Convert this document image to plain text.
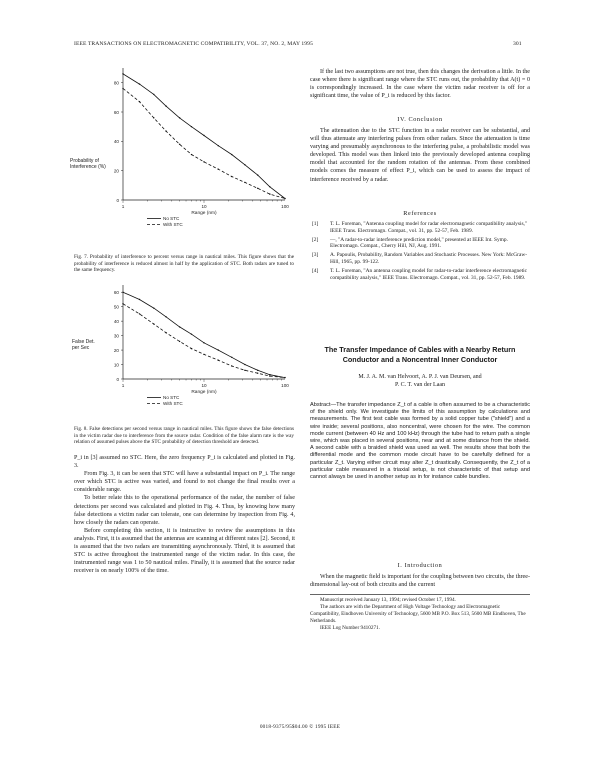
IEEE TRANSACTIONS ON ELECTROMAGNETIC COMPATIBILITY, VOL. 37, NO. 2, MAY 1995	301
80
60
40
20
0
1	10	100
Range (nm)
No STC
With STC
Probability of
Interference (%)
Fig. 7. Probability of interference to percent versus range in nautical miles. This figure shows that the probability of interference is reduced almost in half by the application of STC. Both radars are tuned to the same frequency.
60
50
40
30
20
10
0
1	10	100
Range (nm)
No STC
With STC
False Det.
per Sec
Fig. 8. False detections per second versus range in nautical miles. This figure shows the false detections in the victim radar due to interference from the source radar. Condition of the false alarm rate is the way relation of assumed pulses above the STC probability of detection threshold are detected.

P_i in [3] assumed no STC. Here, the zero frequency P_i is calculated and plotted in Fig. 3.

From Fig. 3, it can be seen that STC will have a substantial impact on P_i. The range over which STC is active was varied, and found to not change the final results over a considerable range.

To better relate this to the operational performance of the radar, the number of false detections per second was calculated and plotted in Fig. 4. Thus, by knowing how many false detections a victim radar can tolerate, one can determine by inspection from Fig. 4, how closely the radars can operate.

Before completing this section, it is instructive to review the assumptions in this analysis. First, it is assumed that the antennas are scanning at different rates [2]. Second, it is assumed that the two radars are transmitting asynchronously. Third, it is assumed that STC is active throughout the instrumented range of the victim radar. In this case, the instrumented range was 1 to 50 nautical miles. Finally, it is assumed that the source radar receiver is on nearly 100% of the time.

If the last two assumptions are not true, then this changes the derivation a little. In the case where there is significant range where the STC runs out, the probability that A(t) = 0 is correspondingly increased. In the case where the victim radar receiver is off for a significant time, the value of P_i is reduced by this factor.

IV. Conclusion

The attenuation due to the STC function in a radar receiver can be substantial, and will thus attenuate any interfering pulses from other radars. Since the attenuation is time varying and presumably asynchronous to the interfering pulse, a probabilistic model was developed. This model was then linked into the previously developed antenna coupling model that accounted for the random rotation of the antennas. From these combined models comes the measure of effect P_i, which can be used to assess the impact of interference received by a radar.

References
[1] T. L. Foreman, "Antenna coupling model for radar electromagnetic compatibility analysis," IEEE Trans. Electromagn. Compat., vol. 31, pp. 52-57, Feb. 1989.
[2] —, "A radar-to-radar interference prediction model," presented at IEEE Int. Symp. Electromagn. Compat., Cherry Hill, NJ, Aug. 1991.
[3] A. Papoulis, Probability, Random Variables and Stochastic Processes. New York: McGraw-Hill, 1965, pp. 99-122.
[4] T. L. Foreman, "An antenna coupling model for radar-to-radar interference electromagnetic compatibility analysis," IEEE Trans. Electromagn. Compat., vol. 31, pp. 52-57, Feb. 1989.
The Transfer Impedance of Cables with a Nearby Return
Conductor and a Noncentral Inner Conductor
M. J. A. M. van Helvoort, A. P. J. van Deursen, and
P. C. T. van der Laan
Abstract—The transfer impedance Z_t of a cable is often assumed to be a characteristic of the shield only. We investigate the limits of this assumption by calculations and measurements. The first test cable was formed by a solid copper tube ("shield") and a wire inside; several positions, also noncentral, were chosen for the wire. The common mode current (between 40 Hz and 100 kHz) through the tube had to return path a single wire, which was placed in several positions, near and at some distance from the shield. A second cable with a braided shield was used as well. The results show that both the differential mode and the common mode circuit have to be carefully defined for a particular Z_t. Varying either circuit may alter Z_t drastically. Consequently, the Z_t of a particular cable measured in a triaxial setup, is not characteristic of that setup and cannot always be used in another setup as in for instance cable bundles.
I. Introduction

When the magnetic field is important for the coupling between two circuits, the three-dimensional lay-out of both circuits and the current

Manuscript received January 13, 1994; revised October 17, 1994.

The authors are with the Department of High Voltage Technology and Electromagnetic Compatibility, Eindhoven University of Technology, 5600 MB P.O. Box 513, 5600 MB Eindhoven, The Netherlands.

IEEE Log Number 9410271.

0018-9375/95$04.00 © 1995 IEEE
